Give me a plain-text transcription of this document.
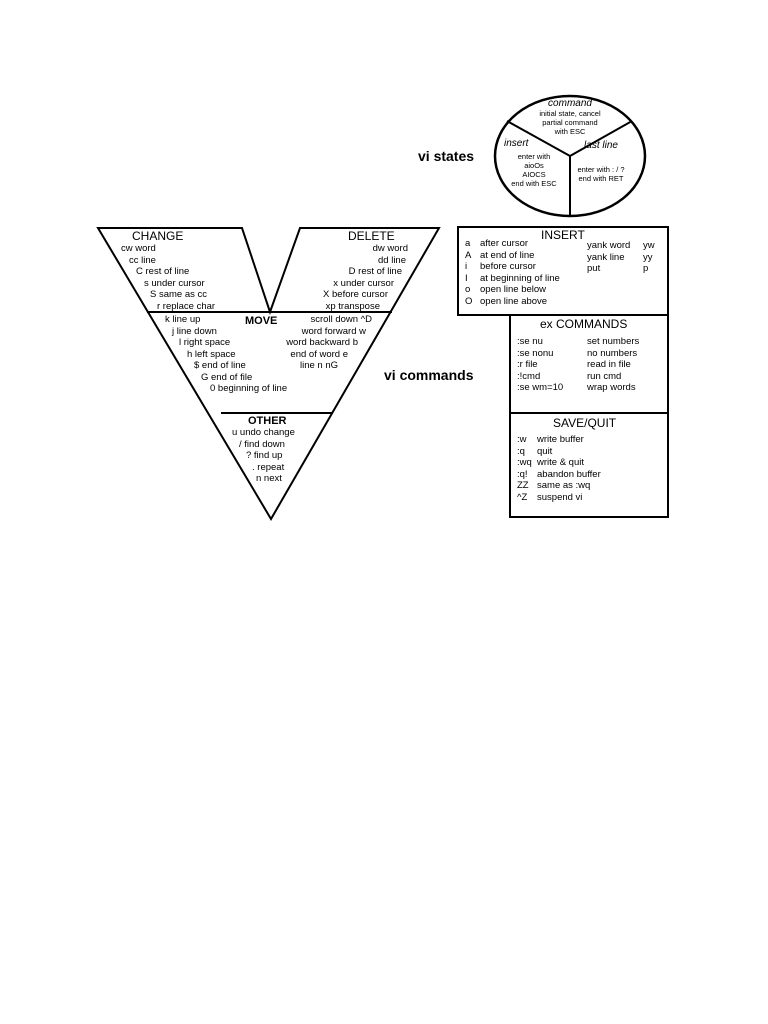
vi states
command
initial state, cancel
partial command
with ESC
insert
enter with
aioOs
AIOCS
end with ESC
last line
enter with : / ?
end with RET
CHANGE
cw word
cc line
C rest of line
s under cursor
S same as cc
r replace char
DELETE
dw word
dd line
D rest of line
x under cursor
X before cursor
xp transpose
MOVE
k line up
j line down
l right space
h left space
$ end of line
G end of file
0 beginning of line
scroll down ^D
word forward w
word backward b
end of word e
line n nG
OTHER
u undo change
/ find down
? find up
. repeat
n next
vi commands
INSERT
a
A
i
I
o
O
after cursor
at end of line
before cursor
at beginning of line
open line below
open line above
yank word
yank line
put
yw
yy
p
ex COMMANDS
:se nu
:se nonu
:r file
:!cmd
:se wm=10
set numbers
no numbers
read in file
run cmd
wrap words
SAVE/QUIT
:w
:q
:wq
:q!
ZZ
^Z
write buffer
quit
write & quit
abandon buffer
same as :wq
suspend vi
